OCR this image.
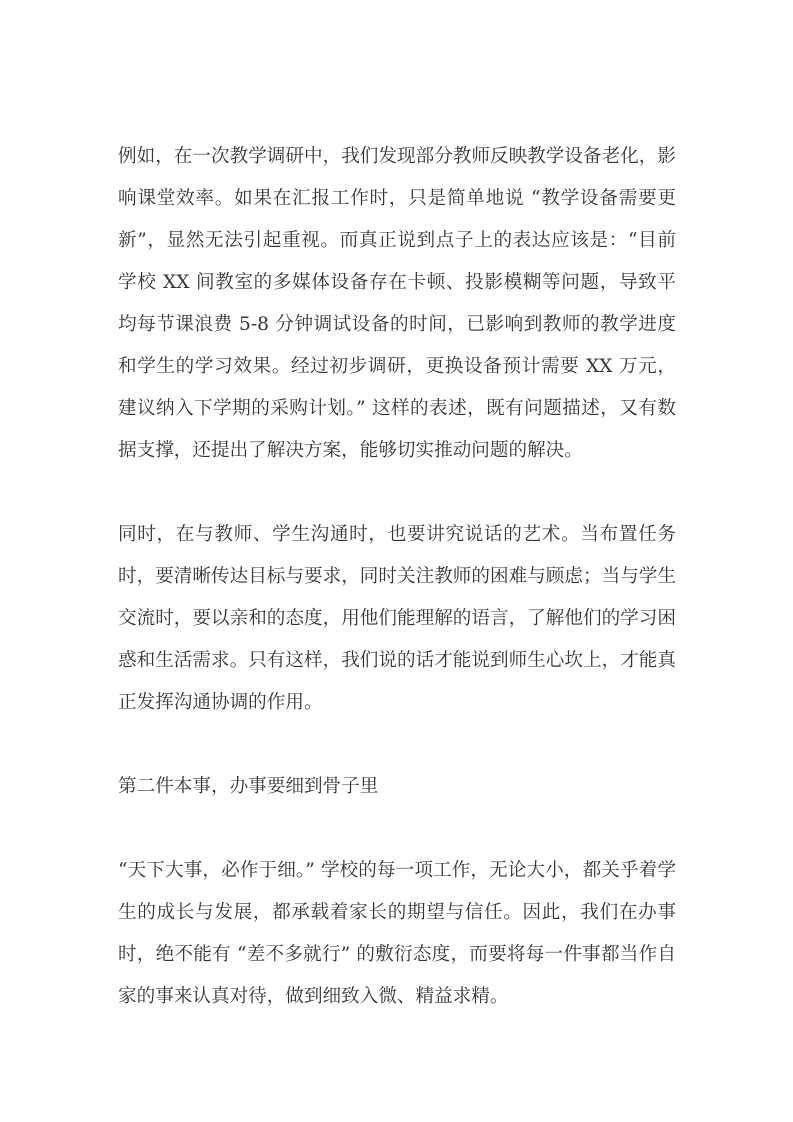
例如，在一次教学调研中，我们发现部分教师反映教学设备老化，影响课堂效率。如果在汇报工作时，只是简单地说 “教学设备需要更新”，显然无法引起重视。而真正说到点子上的表达应该是：“目前学校 XX 间教室的多媒体设备存在卡顿、投影模糊等问题，导致平均每节课浪费 5-8 分钟调试设备的时间，已影响到教师的教学进度和学生的学习效果。经过初步调研，更换设备预计需要 XX 万元，建议纳入下学期的采购计划。” 这样的表述，既有问题描述，又有数据支撑，还提出了解决方案，能够切实推动问题的解决。

同时，在与教师、学生沟通时，也要讲究说话的艺术。当布置任务时，要清晰传达目标与要求，同时关注教师的困难与顾虑；当与学生交流时，要以亲和的态度，用他们能理解的语言，了解他们的学习困惑和生活需求。只有这样，我们说的话才能说到师生心坎上，才能真正发挥沟通协调的作用。

第二件本事，办事要细到骨子里

“天下大事，必作于细。” 学校的每一项工作，无论大小，都关乎着学生的成长与发展，都承载着家长的期望与信任。因此，我们在办事时，绝不能有 “差不多就行” 的敷衍态度，而要将每一件事都当作自家的事来认真对待，做到细致入微、精益求精。
